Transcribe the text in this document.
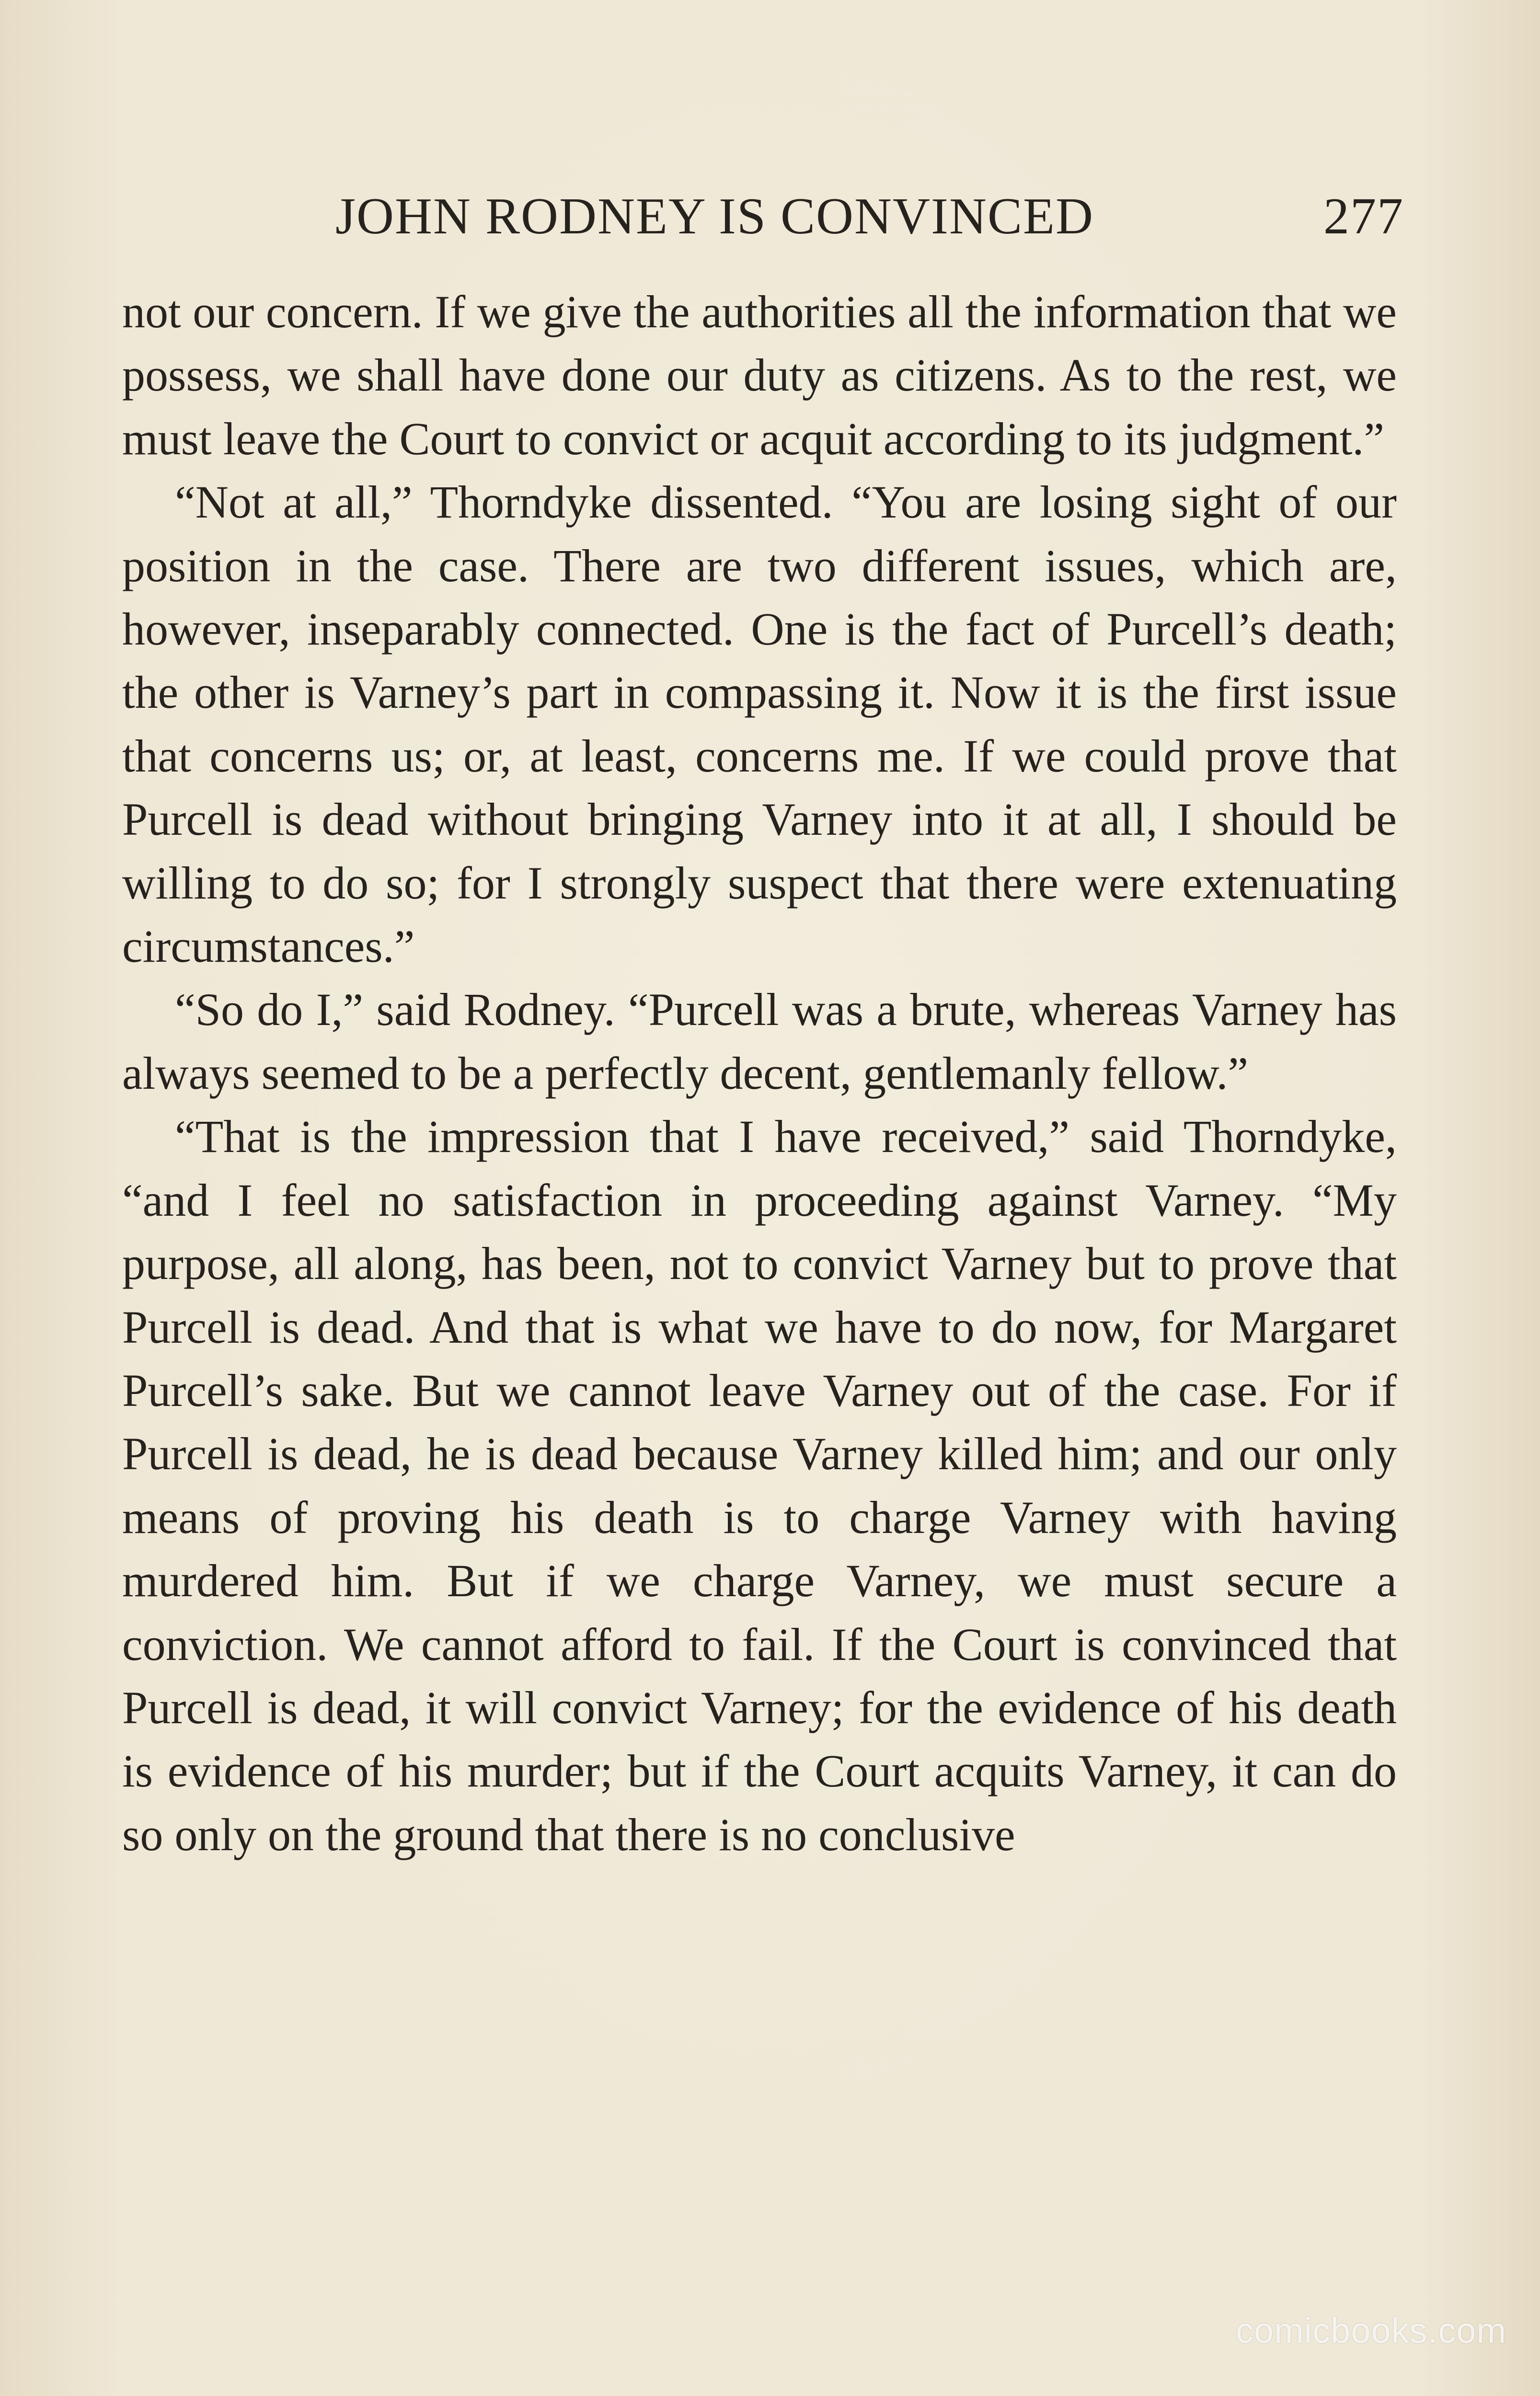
JOHN RODNEY IS CONVINCED	277

not our concern. If we give the authorities all the information that we possess, we shall have done our duty as citizens. As to the rest, we must leave the Court to convict or acquit according to its judgment.”

“Not at all,” Thorndyke dissented. “You are losing sight of our position in the case. There are two different issues, which are, however, inseparably connected. One is the fact of Purcell’s death; the other is Varney’s part in compassing it. Now it is the first issue that concerns us; or, at least, concerns me. If we could prove that Purcell is dead without bringing Varney into it at all, I should be willing to do so; for I strongly suspect that there were extenuating circumstances.”

“So do I,” said Rodney. “Purcell was a brute, whereas Varney has always seemed to be a perfectly decent, gentlemanly fellow.”

“That is the impression that I have received,” said Thorndyke, “and I feel no satisfaction in proceeding against Varney. “My purpose, all along, has been, not to convict Varney but to prove that Purcell is dead. And that is what we have to do now, for Margaret Purcell’s sake. But we cannot leave Varney out of the case. For if Purcell is dead, he is dead because Varney killed him; and our only means of proving his death is to charge Varney with having murdered him. But if we charge Varney, we must secure a conviction. We cannot afford to fail. If the Court is convinced that Purcell is dead, it will convict Varney; for the evidence of his death is evidence of his murder; but if the Court acquits Varney, it can do so only on the ground that there is no conclusive

comicbooks.com
